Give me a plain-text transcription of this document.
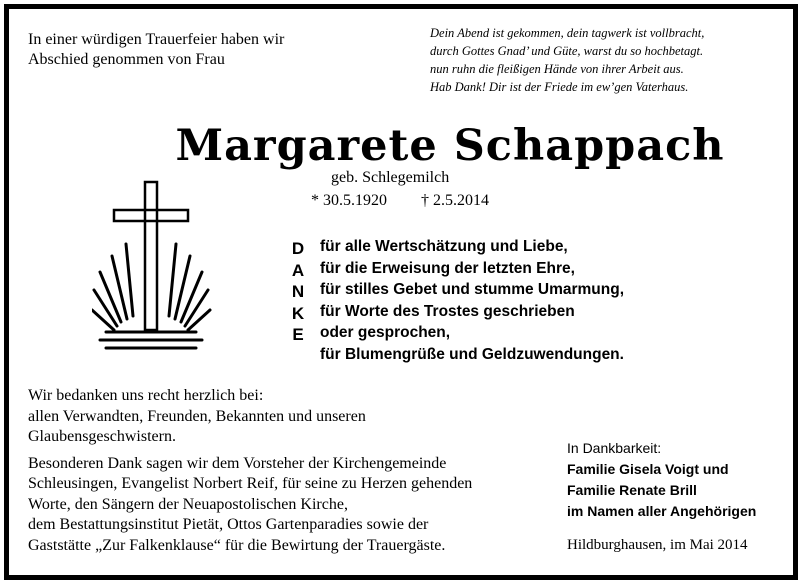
In einer würdigen Trauerfeier haben wir
Abschied genommen von Frau
Dein Abend ist gekommen, dein tagwerk ist vollbracht,
durch Gottes Gnad’ und Güte, warst du so hochbetagt.
nun ruhn die fleißigen Hände von ihrer Arbeit aus.
Hab Dank! Dir ist der Friede im ew’gen Vaterhaus.
Margarete Schappach
geb. Schlegemilch
* 30.5.1920 † 2.5.2014
D
A
N
K
E
für alle Wertschätzung und Liebe,
für die Erweisung der letzten Ehre,
für stilles Gebet und stumme Umarmung,
für Worte des Trostes geschrieben
oder gesprochen,
für Blumengrüße und Geldzuwendungen.
Wir bedanken uns recht herzlich bei:
allen Verwandten, Freunden, Bekannten und unseren
Glaubensgeschwistern.
Besonderen Dank sagen wir dem Vorsteher der Kirchengemeinde
Schleusingen, Evangelist Norbert Reif, für seine zu Herzen gehenden
Worte, den Sängern der Neuapostolischen Kirche,
dem Bestattungsinstitut Pietät, Ottos Gartenparadies sowie der
Gaststätte „Zur Falkenklause“ für die Bewirtung der Trauergäste.
In Dankbarkeit:
Familie Gisela Voigt und
Familie Renate Brill
im Namen aller Angehörigen
Hildburghausen, im Mai 2014
